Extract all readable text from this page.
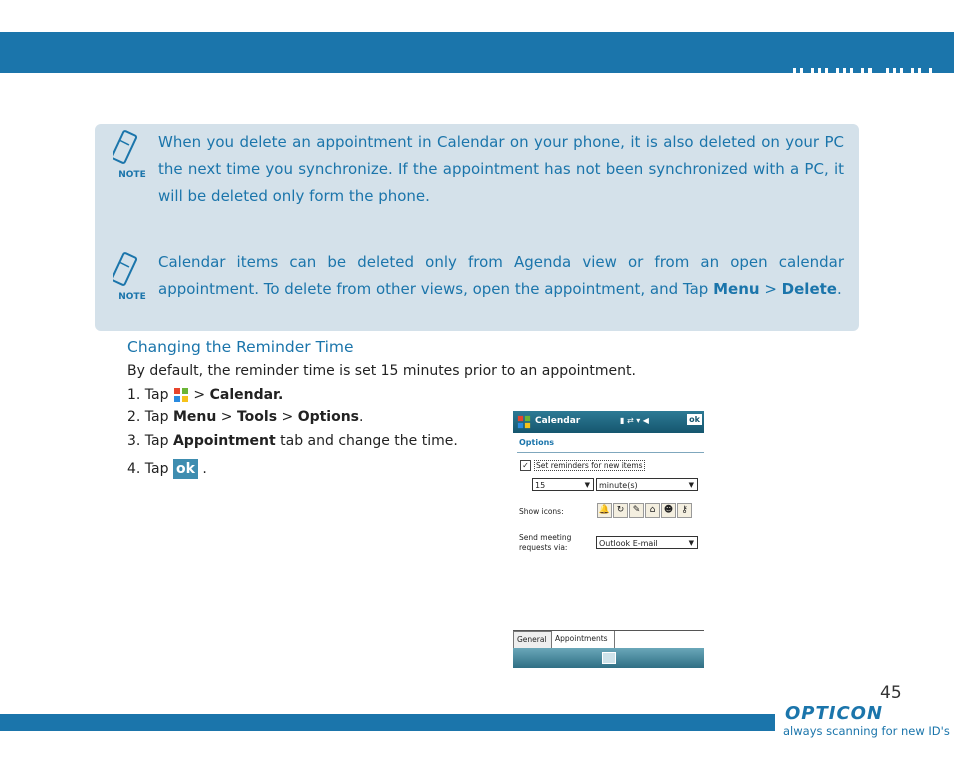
NOTE
When you delete an appointment in Calendar on your phone, it is also deleted on your PC the next time you synchronize. If the appointment has not been synchronized with a PC, it will be deleted only form the phone.
NOTE
Calendar items can be deleted only from Agenda view or from an open calendar appointment. To delete from other views, open the appointment, and Tap Menu > Delete.
Changing the Reminder Time
By default, the reminder time is set 15 minutes prior to an appointment.
1. Tap > Calendar.
2. Tap Menu > Tools > Options.
3. Tap Appointment tab and change the time.
4. Tap ok .
Calendar	▮ ⇄ ▾ ◀	ok
Options
✓ Set reminders for new items
15	▼	minute(s)	▼
Show icons:	🔔 ↻ ✎	⌂ ☻ ⚷
Send meeting
requests via:	Outlook E-mail	▼
General	Appointments
45
OPTICON
always scanning for new ID's
